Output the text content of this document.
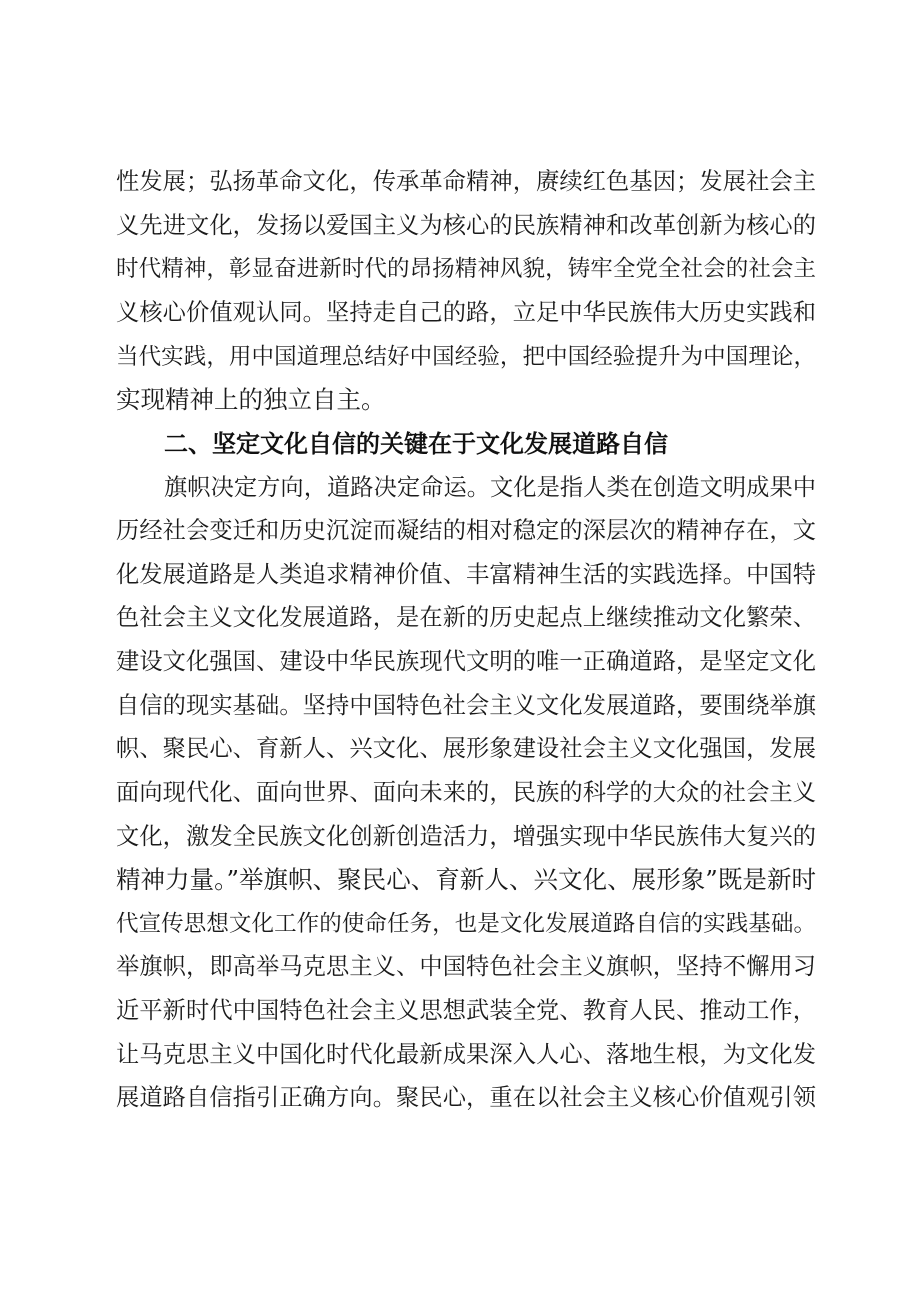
性发展；弘扬革命文化，传承革命精神，赓续红色基因；发展社会主
义先进文化，发扬以爱国主义为核心的民族精神和改革创新为核心的
时代精神，彰显奋进新时代的昂扬精神风貌，铸牢全党全社会的社会主
义核心价值观认同。坚持走自己的路，立足中华民族伟大历史实践和
当代实践，用中国道理总结好中国经验，把中国经验提升为中国理论，
实现精神上的独立自主。
二、坚定文化自信的关键在于文化发展道路自信
旗帜决定方向，道路决定命运。文化是指人类在创造文明成果中
历经社会变迁和历史沉淀而凝结的相对稳定的深层次的精神存在，文
化发展道路是人类追求精神价值、丰富精神生活的实践选择。中国特
色社会主义文化发展道路，是在新的历史起点上继续推动文化繁荣、
建设文化强国、建设中华民族现代文明的唯一正确道路，是坚定文化
自信的现实基础。坚持中国特色社会主义文化发展道路，要围绕举旗
帜、聚民心、育新人、兴文化、展形象建设社会主义文化强国，发展
面向现代化、面向世界、面向未来的，民族的科学的大众的社会主义
文化，激发全民族文化创新创造活力，增强实现中华民族伟大复兴的
精神力量。”举旗帜、聚民心、育新人、兴文化、展形象”既是新时
代宣传思想文化工作的使命任务，也是文化发展道路自信的实践基础。
举旗帜，即高举马克思主义、中国特色社会主义旗帜，坚持不懈用习
近平新时代中国特色社会主义思想武装全党、教育人民、推动工作，
让马克思主义中国化时代化最新成果深入人心、落地生根，为文化发
展道路自信指引正确方向。聚民心，重在以社会主义核心价值观引领
